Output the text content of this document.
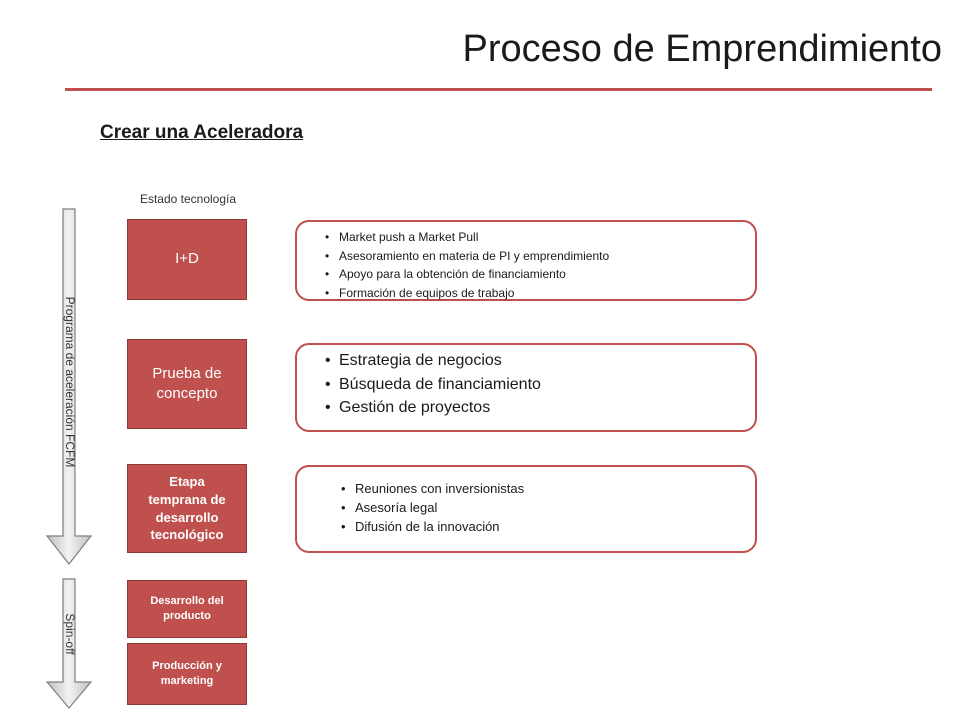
Proceso de Emprendimiento
Crear una Aceleradora
Estado tecnología
Programa de aceleración FCFM
Spin-off
I+D
Prueba de concepto
Etapa temprana de desarrollo tecnológico
Desarrollo del producto
Producción y marketing
• Market push a Market Pull
• Asesoramiento en materia de PI y emprendimiento
• Apoyo para la obtención de financiamiento
• Formación de equipos de trabajo
• Estrategia de negocios
• Búsqueda de financiamiento
• Gestión de proyectos
• Reuniones con inversionistas
• Asesoría legal
• Difusión de la innovación
